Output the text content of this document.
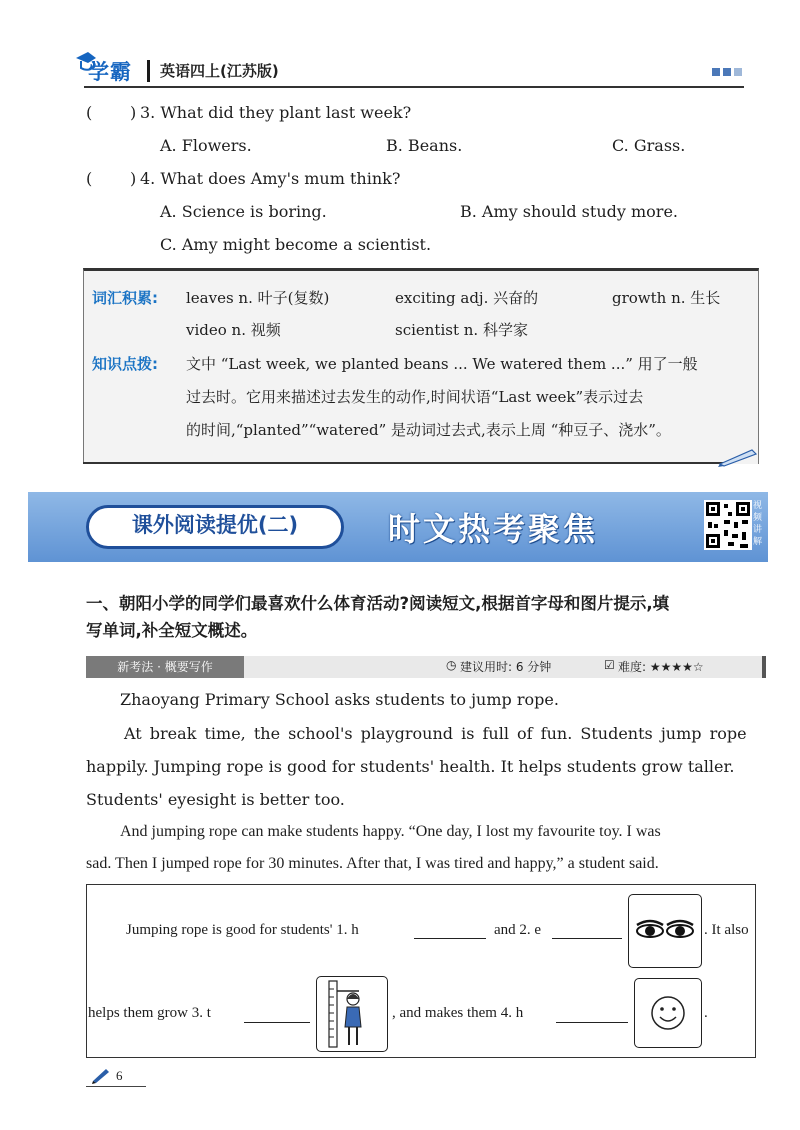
学霸 英语四上(江苏版)
( ) 3. What did they plant last week?
A. Flowers.	B. Beans.	C. Grass.
( ) 4. What does Amy's mum think?
A. Science is boring.	B. Amy should study more.
C. Amy might become a scientist.
词汇积累: leaves n. 叶子(复数)	exciting adj. 兴奋的	growth n. 生长
video n. 视频	scientist n. 科学家
知识点拨: 文中 “Last week, we planted beans ... We watered them ...” 用了一般
过去时。它用来描述过去发生的动作,时间状语“Last week”表示过去
的时间,“planted”“watered” 是动词过去式,表示上周 “种豆子、浇水”。
课外阅读提优(二)	时文热考聚焦
视频讲解
一、朝阳小学的同学们最喜欢什么体育活动?阅读短文,根据首字母和图片提示,填
写单词,补全短文概述。
新考法 · 概要写作	◷ 建议用时: 6 分钟	☑ 难度: ★★★★☆
Zhaoyang Primary School asks students to jump rope.
At break time, the school's playground is full of fun. Students jump rope
happily. Jumping rope is good for students' health. It helps students grow taller.
Students' eyesight is better too.
And jumping rope can make students happy. “One day, I lost my favourite toy. I was
sad. Then I jumped rope for 30 minutes. After that, I was tired and happy,” a student said.
Jumping rope is good for students' 1. h	and 2. e	. It also
helps them grow 3. t	, and makes them 4. h	.
6
